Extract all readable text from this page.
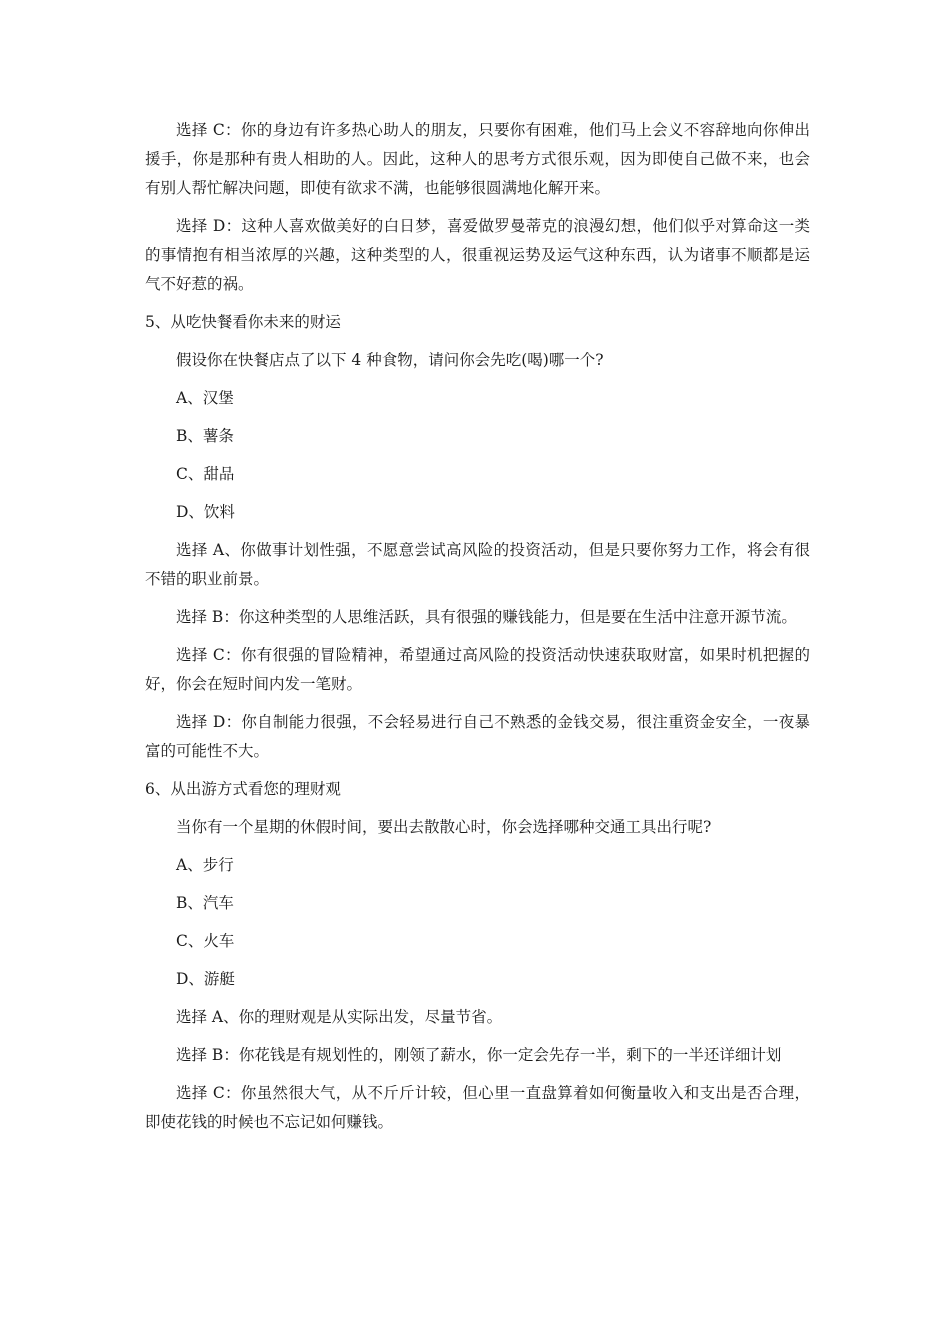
选择 C：你的身边有许多热心助人的朋友，只要你有困难，他们马上会义不容辞地向你伸出援手，你是那种有贵人相助的人。因此，这种人的思考方式很乐观，因为即使自己做不来，也会有别人帮忙解决问题，即使有欲求不满，也能够很圆满地化解开来。

选择 D：这种人喜欢做美好的白日梦，喜爱做罗曼蒂克的浪漫幻想，他们似乎对算命这一类的事情抱有相当浓厚的兴趣，这种类型的人，很重视运势及运气这种东西，认为诸事不顺都是运气不好惹的祸。

5、从吃快餐看你未来的财运

假设你在快餐店点了以下 4 种食物，请问你会先吃(喝)哪一个?

A、汉堡

B、薯条

C、甜品

D、饮料

选择 A、你做事计划性强，不愿意尝试高风险的投资活动，但是只要你努力工作，将会有很不错的职业前景。

选择 B：你这种类型的人思维活跃，具有很强的赚钱能力，但是要在生活中注意开源节流。

选择 C：你有很强的冒险精神，希望通过高风险的投资活动快速获取财富，如果时机把握的好，你会在短时间内发一笔财。

选择 D：你自制能力很强，不会轻易进行自己不熟悉的金钱交易，很注重资金安全，一夜暴富的可能性不大。

6、从出游方式看您的理财观

当你有一个星期的休假时间，要出去散散心时，你会选择哪种交通工具出行呢?

A、步行

B、汽车

C、火车

D、游艇

选择 A、你的理财观是从实际出发，尽量节省。

选择 B：你花钱是有规划性的，刚领了薪水，你一定会先存一半，剩下的一半还详细计划

选择 C：你虽然很大气，从不斤斤计较，但心里一直盘算着如何衡量收入和支出是否合理，即使花钱的时候也不忘记如何赚钱。
